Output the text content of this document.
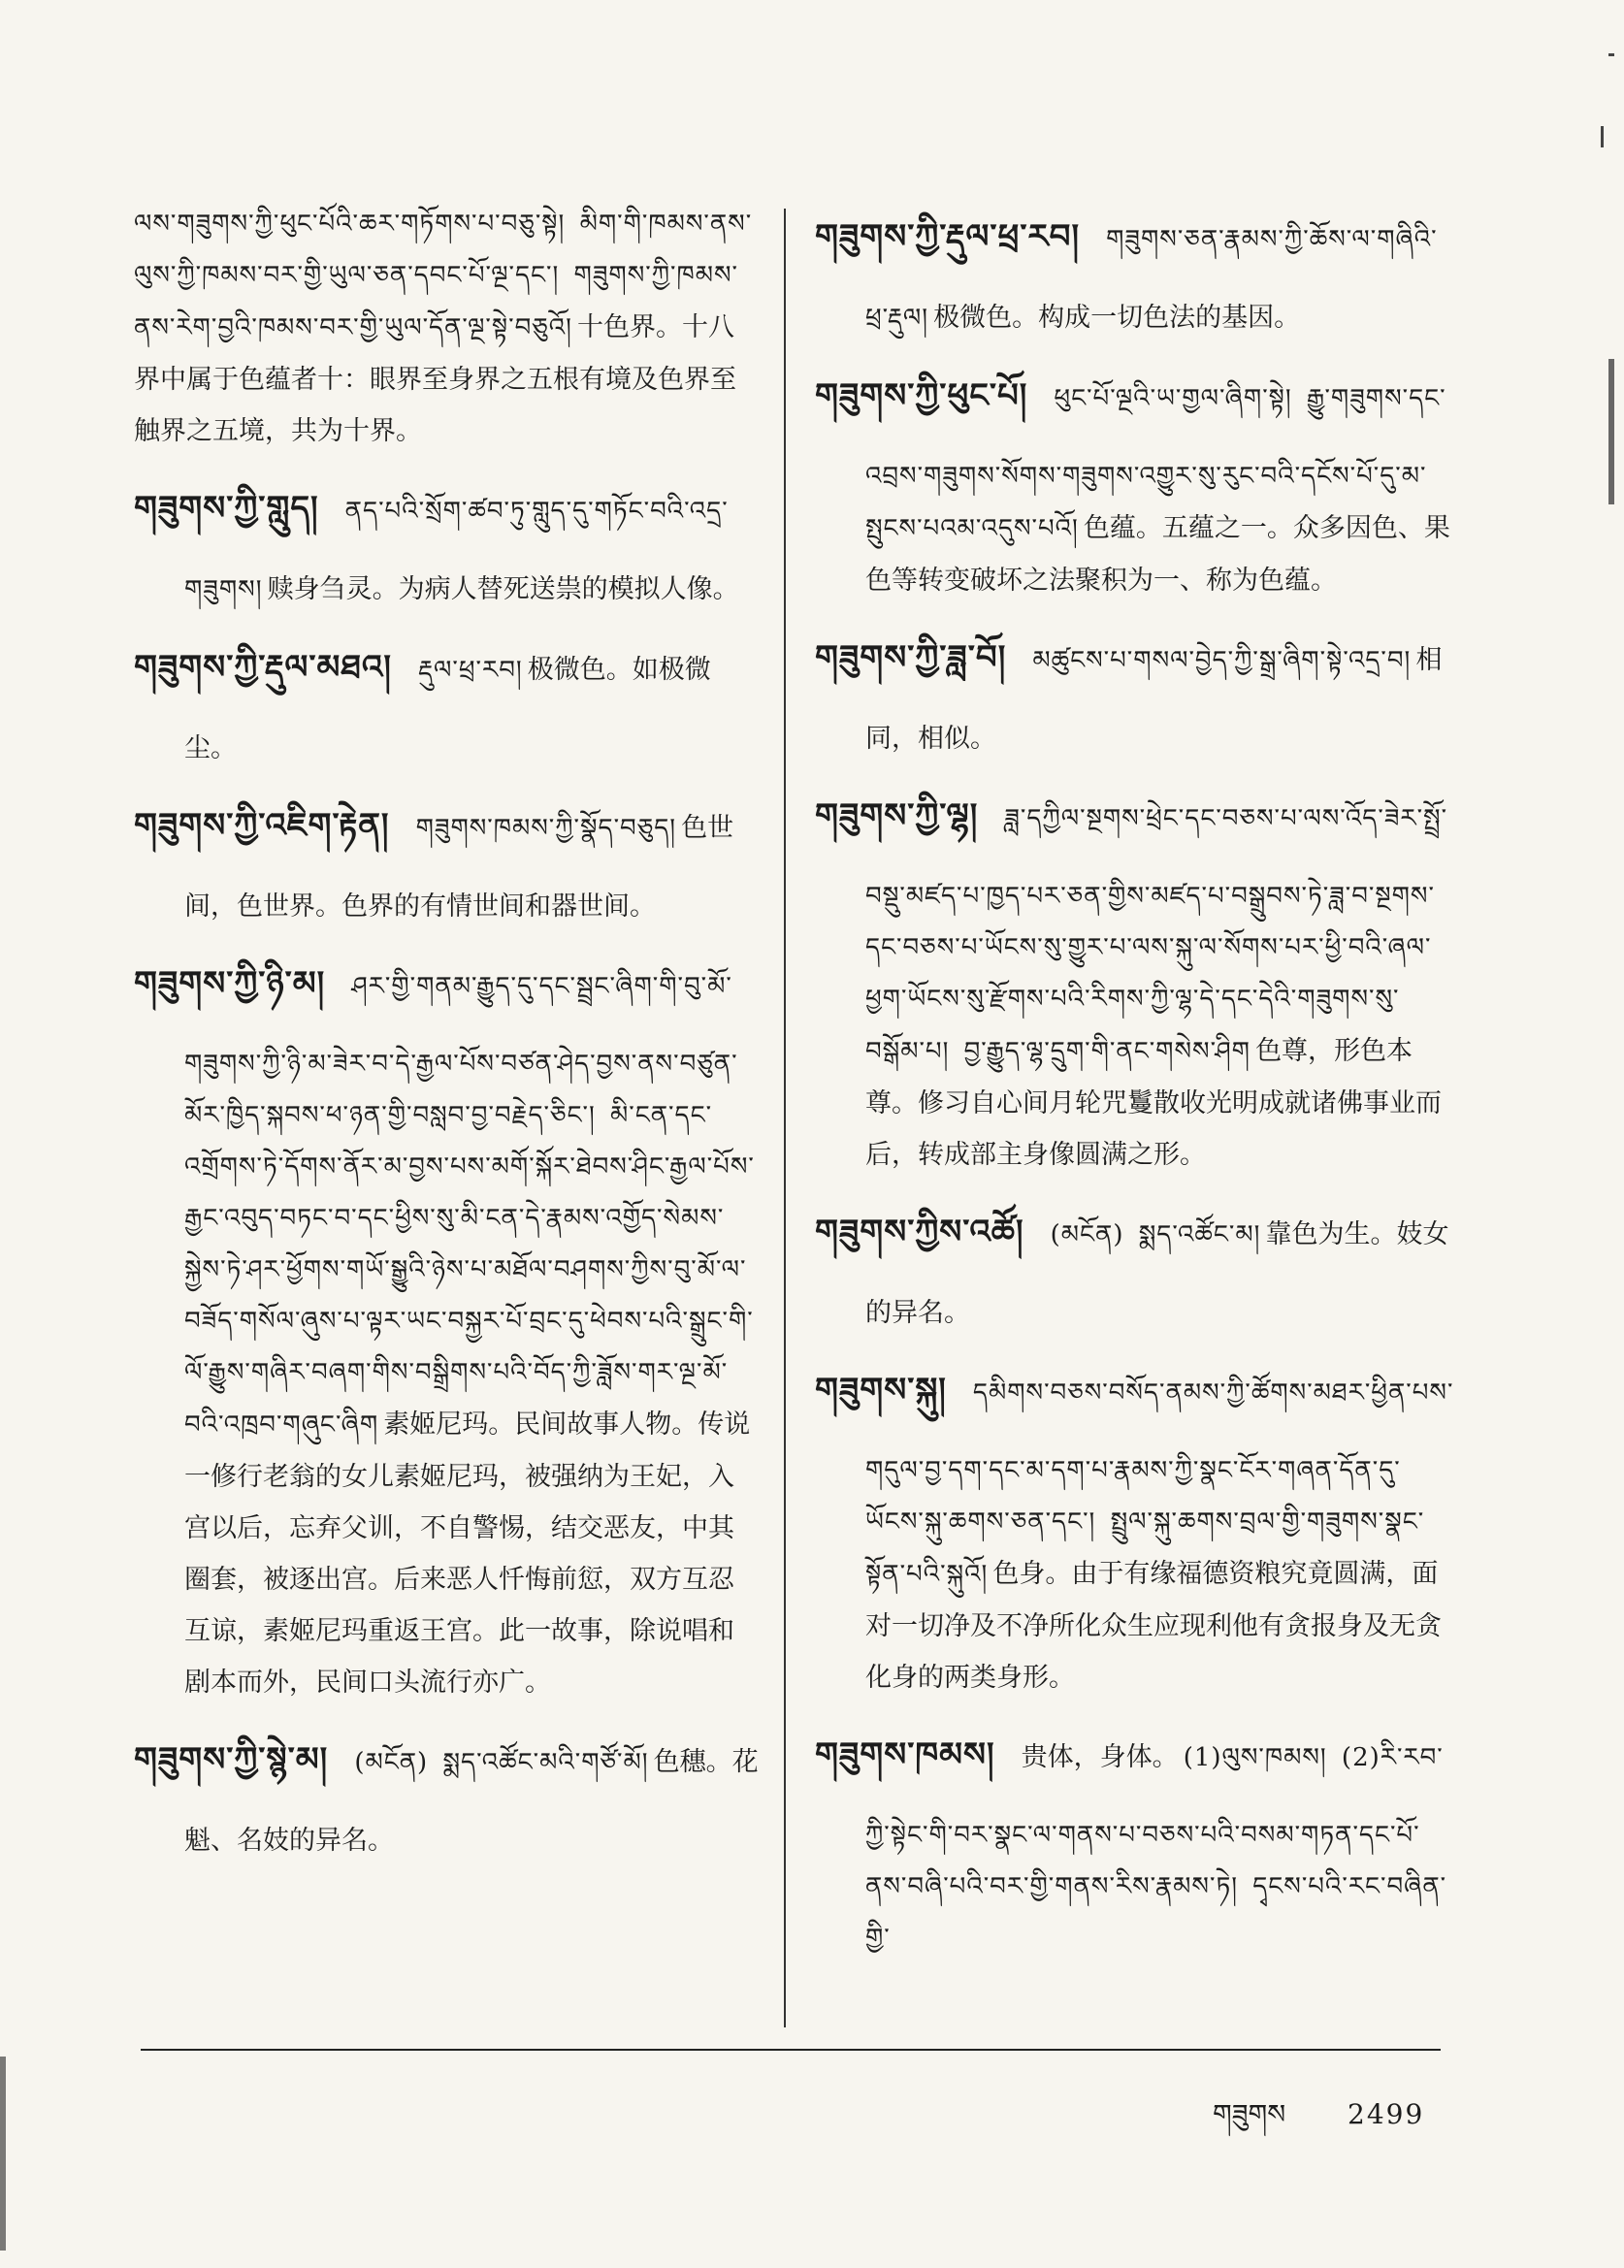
ལས་གཟུགས་ཀྱི་ཕུང་པོའི་ཆར་གཏོགས་པ་བཅུ་སྟེ། མིག་གི་ཁམས་ནས་ལུས་ཀྱི་ཁམས་བར་གྱི་ཡུལ་ཅན་དབང་པོ་ལྔ་དང་། གཟུགས་ཀྱི་ཁམས་ནས་རེག་བྱའི་ཁམས་བར་གྱི་ཡུལ་དོན་ལྔ་སྟེ་བཅུའོ། 十色界。十八界中属于色蕴者十：眼界至身界之五根有境及色界至触界之五境，共为十界。
གཟུགས་ཀྱི་གླུད། ནད་པའི་སྲོག་ཚབ་ཏུ་གླུད་དུ་གཏོང་བའི་འདྲ་གཟུགས། 赎身刍灵。为病人替死送祟的模拟人像。
གཟུགས་ཀྱི་རྡུལ་མཐའ། རྡུལ་ཕྲ་རབ། 极微色。如极微尘。
གཟུགས་ཀྱི་འཇིག་རྟེན། གཟུགས་ཁམས་ཀྱི་སྣོད་བཅུད། 色世间，色世界。色界的有情世间和器世间。
གཟུགས་ཀྱི་ཉི་མ། ཤར་གྱི་གནམ་རྒྱུད་དུ་དང་སྦྲང་ཞིག་གི་བུ་མོ་གཟུགས་ཀྱི་ཉི་མ་ཟེར་བ་དེ་རྒྱལ་པོས་བཙན་ཤེད་བྱས་ནས་བཙུན་མོར་ཁྱིད་སྐབས་ཕ་ཉན་གྱི་བསླབ་བྱ་བརྗེད་ཅིང་། མི་ངན་དང་འགྲོགས་ཏེ་དོགས་ནོར་མ་བྱས་པས་མགོ་སྐོར་ཐེབས་ཤིང་རྒྱལ་པོས་རྒྱང་འབུད་བཏང་བ་དང་ཕྱིས་སུ་མི་ངན་དེ་རྣམས་འགྱོད་སེམས་སྐྱེས་ཏེ་ཤར་ཕྱོགས་གཡོ་སྒྱུའི་ཉེས་པ་མཐོལ་བཤགས་ཀྱིས་བུ་མོ་ལ་བཟོད་གསོལ་ཞུས་པ་ལྟར་ཡང་བསྐྱར་པོ་བྲང་དུ་ཕེབས་པའི་སྒྲུང་གི་ལོ་རྒྱུས་གཞིར་བཞག་གིས་བསྒྲིགས་པའི་བོད་ཀྱི་ཟློས་གར་ལྔ་མོ་བའི་འཁྲབ་གཞུང་ཞིག 素姬尼玛。民间故事人物。传说一修行老翁的女儿素姬尼玛，被强纳为王妃，入宫以后，忘弃父训，不自警惕，结交恶友，中其圈套，被逐出宫。后来恶人忏悔前愆，双方互忍互谅，素姬尼玛重返王宫。此一故事，除说唱和剧本而外，民间口头流行亦广。
གཟུགས་ཀྱི་སྙེ་མ། (མངོན) སྨད་འཚོང་མའི་གཙོ་མོ། 色穗。花魁、名妓的异名。
གཟུགས་ཀྱི་རྡུལ་ཕྲ་རབ། གཟུགས་ཅན་རྣམས་ཀྱི་ཆོས་ལ་གཞིའི་ཕྲ་རྡུལ། 极微色。构成一切色法的基因。
གཟུགས་ཀྱི་ཕུང་པོ། ཕུང་པོ་ལྔའི་ཡ་གྱལ་ཞིག་སྟེ། རྒྱུ་གཟུགས་དང་འབྲས་གཟུགས་སོགས་གཟུགས་འགྱུར་སུ་རུང་བའི་དངོས་པོ་དུ་མ་སྤུངས་པའམ་འདུས་པའོ། 色蕴。五蕴之一。众多因色、果色等转变破坏之法聚积为一、称为色蕴。
གཟུགས་ཀྱི་ཟླ་བོ། མཚུངས་པ་གསལ་བྱེད་ཀྱི་སྒྲ་ཞིག་སྟེ་འདྲ་བ། 相同，相似。
གཟུགས་ཀྱི་ལྷ། ཟླ་དཀྱིལ་སྔགས་ཕྲེང་དང་བཅས་པ་ལས་འོད་ཟེར་སྤྲོ་བསྡུ་མཛད་པ་ཁྱད་པར་ཅན་གྱིས་མཛད་པ་བསྒྲུབས་ཏེ་ཟླ་བ་སྔགས་དང་བཅས་པ་ཡོངས་སུ་གྱུར་པ་ལས་སྐུ་ལ་སོགས་པར་ཕྱི་བའི་ཞལ་ཕྱག་ཡོངས་སུ་རྫོགས་པའི་རིགས་ཀྱི་ལྷ་དེ་དང་དེའི་གཟུགས་སུ་བསྒོམ་པ། བྱ་རྒྱུད་ལྷ་དྲུག་གི་ནང་གསེས་ཤིག 色尊，形色本尊。修习自心间月轮咒鬘散收光明成就诸佛事业而后，转成部主身像圆满之形。
གཟུགས་ཀྱིས་འཚོ། (མངོན) སྨད་འཚོང་མ། 靠色为生。妓女的异名。
གཟུགས་སྐུ། དམིགས་བཅས་བསོད་ནམས་ཀྱི་ཚོགས་མཐར་ཕྱིན་པས་གདུལ་བྱ་དག་དང་མ་དག་པ་རྣམས་ཀྱི་སྣང་ངོར་གཞན་དོན་དུ་ཡོངས་སྐུ་ཆགས་ཅན་དང་། སྤྲུལ་སྐུ་ཆགས་བྲལ་གྱི་གཟུགས་སྣང་སྟོན་པའི་སྐུའོ། 色身。由于有缘福德资粮究竟圆满，面对一切净及不净所化众生应现利他有贪报身及无贪化身的两类身形。
གཟུགས་ཁམས། 贵体，身体。 (1)ལུས་ཁམས། (2)རི་རབ་ཀྱི་སྟེང་གི་བར་སྣང་ལ་གནས་པ་བཅས་པའི་བསམ་གཏན་དང་པོ་ནས་བཞི་པའི་བར་གྱི་གནས་རིས་རྣམས་ཏེ། དྭངས་པའི་རང་བཞིན་གྱི་
གཟུགས 2499
